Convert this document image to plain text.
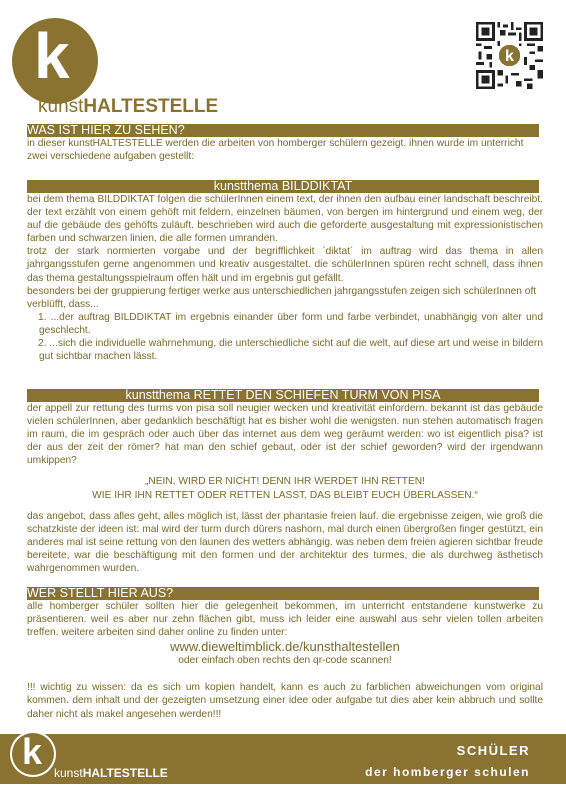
k
kunstHALTESTELLE
k
WAS IST HIER ZU SEHEN?

in dieser kunstHALTESTELLE werden die arbeiten von homberger schülern gezeigt. ihnen wurde im unterricht zwei verschiedene aufgaben gestellt:

kunstthema BILDDIKTAT

bei dem thema BILDDIKTAT folgen die schülerInnen einem text, der ihnen den aufbau einer landschaft beschreibt. der text erzählt von einem gehöft mit feldern, einzelnen bäumen, von bergen im hintergrund und einem weg, der auf die gebäude des gehöfts zuläuft. beschrieben wird auch die geforderte ausgestaltung mit expressionistischen farben und schwarzen linien, die alle formen umranden.

trotz der stark normierten vorgabe und der begrifflichkeit `diktat´ im auftrag wird das thema in allen jahrgangsstufen gerne angenommen und kreativ ausgestaltet. die schülerInnen spüren recht schnell, dass ihnen das thema gestaltungsspielraum offen hält und im ergebnis gut gefällt.

besonders bei der gruppierung fertiger werke aus unterschiedlichen jahrgangsstufen zeigen sich schülerInnen oft verblüfft, dass...

1. ...der auftrag BILDDIKTAT im ergebnis einander über form und farbe verbindet, unabhängig von alter und geschlecht.

2. ...sich die individuelle wahrnehmung, die unterschiedliche sicht auf die welt, auf diese art und weise in bildern gut sichtbar machen lässt.

kunstthema RETTET DEN SCHIEFEN TURM VON PISA

der appell zur rettung des turms von pisa soll neugier wecken und kreativität einfordern. bekannt ist das gebäude vielen schülerInnen, aber gedanklich beschäftigt hat es bisher wohl die wenigsten. nun stehen automatisch fragen im raum, die im gespräch oder auch über das internet aus dem weg geräumt werden: wo ist eigentlich pisa? ist der aus der zeit der römer? hat man den schief gebaut, oder ist der schief geworden? wird der irgendwann umkippen?

„NEIN, WIRD ER NICHT! DENN IHR WERDET IHN RETTEN!

WIE IHR IHN RETTET ODER RETTEN LASST, DAS BLEIBT EUCH ÜBERLASSEN.“

das angebot, dass alles geht, alles möglich ist, lässt der phantasie freien lauf. die ergebnisse zeigen, wie groß die schatzkiste der ideen ist: mal wird der turm durch dürers nashorn, mal durch einen übergroßen finger gestützt, ein anderes mal ist seine rettung von den launen des wetters abhängig. was neben dem freien agieren sichtbar freude bereitete, war die beschäftigung mit den formen und der architektur des turmes, die als durchweg ästhetisch wahrgenommen wurden.

WER STELLT HIER AUS?

alle homberger schüler sollten hier die gelegenheit bekommen, im unterricht entstandene kunstwerke zu präsentieren. weil es aber nur zehn flächen gibt, muss ich leider eine auswahl aus sehr vielen tollen arbeiten treffen. weitere arbeiten sind daher online zu finden unter:

www.dieweltimblick.de/kunsthaltestellen

oder einfach oben rechts den qr-code scannen!

!!! wichtig zu wissen: da es sich um kopien handelt, kann es auch zu farblichen abweichungen vom original kommen. dem inhalt und der gezeigten umsetzung einer idee oder aufgabe tut dies aber kein abbruch und sollte daher nicht als makel angesehen werden!!!

k
kunstHALTESTELLE
SCHÜLER
der homberger schulen
